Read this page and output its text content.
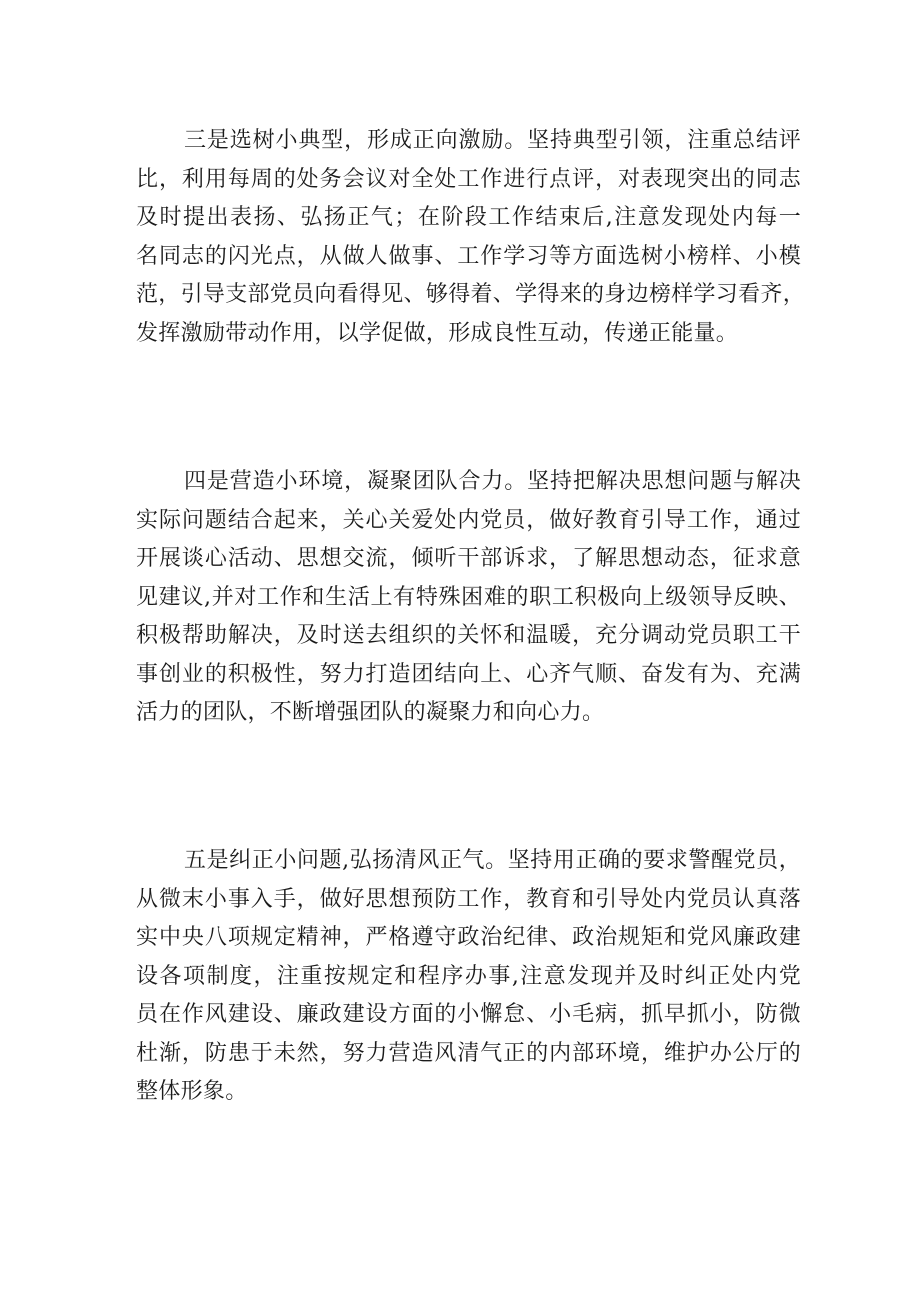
三是选树小典型，形成正向激励。坚持典型引领，注重总结评
比，利用每周的处务会议对全处工作进行点评，对表现突出的同志
及时提出表扬、弘扬正气；在阶段工作结束后,注意发现处内每一
名同志的闪光点，从做人做事、工作学习等方面选树小榜样、小模
范，引导支部党员向看得见、够得着、学得来的身边榜样学习看齐，
发挥激励带动作用，以学促做，形成良性互动，传递正能量。
四是营造小环境，凝聚团队合力。坚持把解决思想问题与解决
实际问题结合起来，关心关爱处内党员，做好教育引导工作，通过
开展谈心活动、思想交流，倾听干部诉求，了解思想动态，征求意
见建议,并对工作和生活上有特殊困难的职工积极向上级领导反映、
积极帮助解决，及时送去组织的关怀和温暖，充分调动党员职工干
事创业的积极性，努力打造团结向上、心齐气顺、奋发有为、充满
活力的团队，不断增强团队的凝聚力和向心力。
五是纠正小问题,弘扬清风正气。坚持用正确的要求警醒党员，
从微末小事入手，做好思想预防工作，教育和引导处内党员认真落
实中央八项规定精神，严格遵守政治纪律、政治规矩和党风廉政建
设各项制度，注重按规定和程序办事,注意发现并及时纠正处内党
员在作风建设、廉政建设方面的小懈怠、小毛病，抓早抓小，防微
杜渐，防患于未然，努力营造风清气正的内部环境，维护办公厅的
整体形象。
